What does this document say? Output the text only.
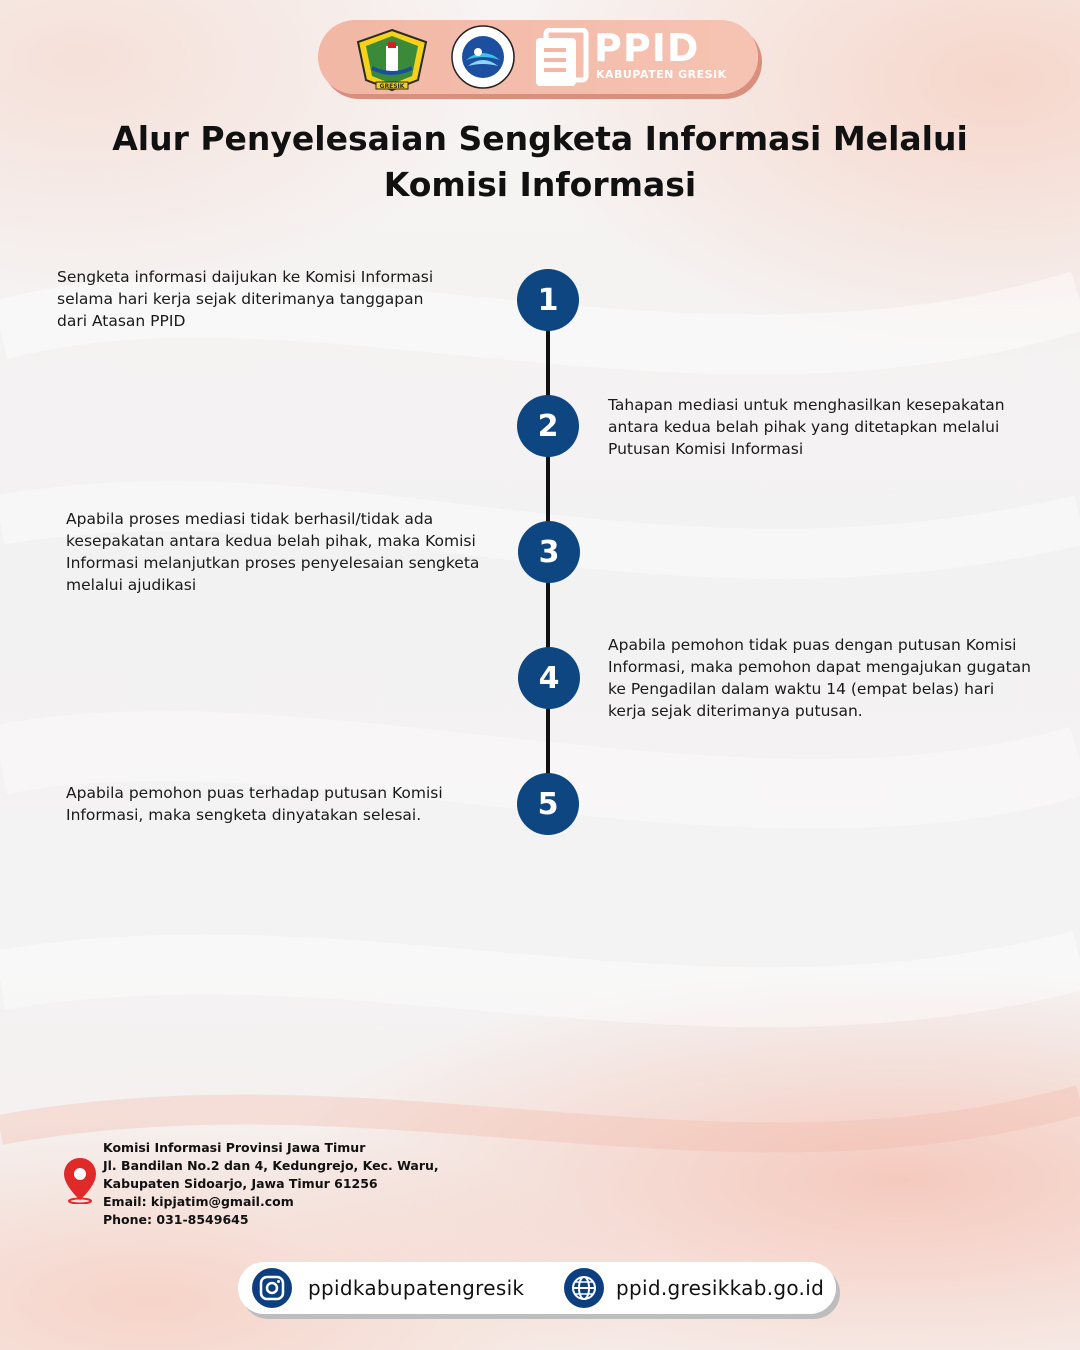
GRESIK
PPID
KABUPATEN GRESIK
Alur Penyelesaian Sengketa Informasi Melalui
Komisi Informasi
1
Sengketa informasi daijukan ke Komisi Informasi selama hari kerja sejak diterimanya tanggapan dari Atasan PPID
2
Tahapan mediasi untuk menghasilkan kesepakatan antara kedua belah pihak yang ditetapkan melalui Putusan Komisi Informasi
3
Apabila proses mediasi tidak berhasil/tidak ada kesepakatan antara kedua belah pihak, maka Komisi Informasi melanjutkan proses penyelesaian sengketa melalui ajudikasi
4
Apabila pemohon tidak puas dengan putusan Komisi Informasi, maka pemohon dapat mengajukan gugatan ke Pengadilan dalam waktu 14 (empat belas) hari kerja sejak diterimanya putusan.
5
Apabila pemohon puas terhadap putusan Komisi Informasi, maka sengketa dinyatakan selesai.
Komisi Informasi Provinsi Jawa Timur
Jl. Bandilan No.2 dan 4, Kedungrejo, Kec. Waru,
Kabupaten Sidoarjo, Jawa Timur 61256
Email: kipjatim@gmail.com
Phone: 031-8549645
ppidkabupatengresik	ppid.gresikkab.go.id
